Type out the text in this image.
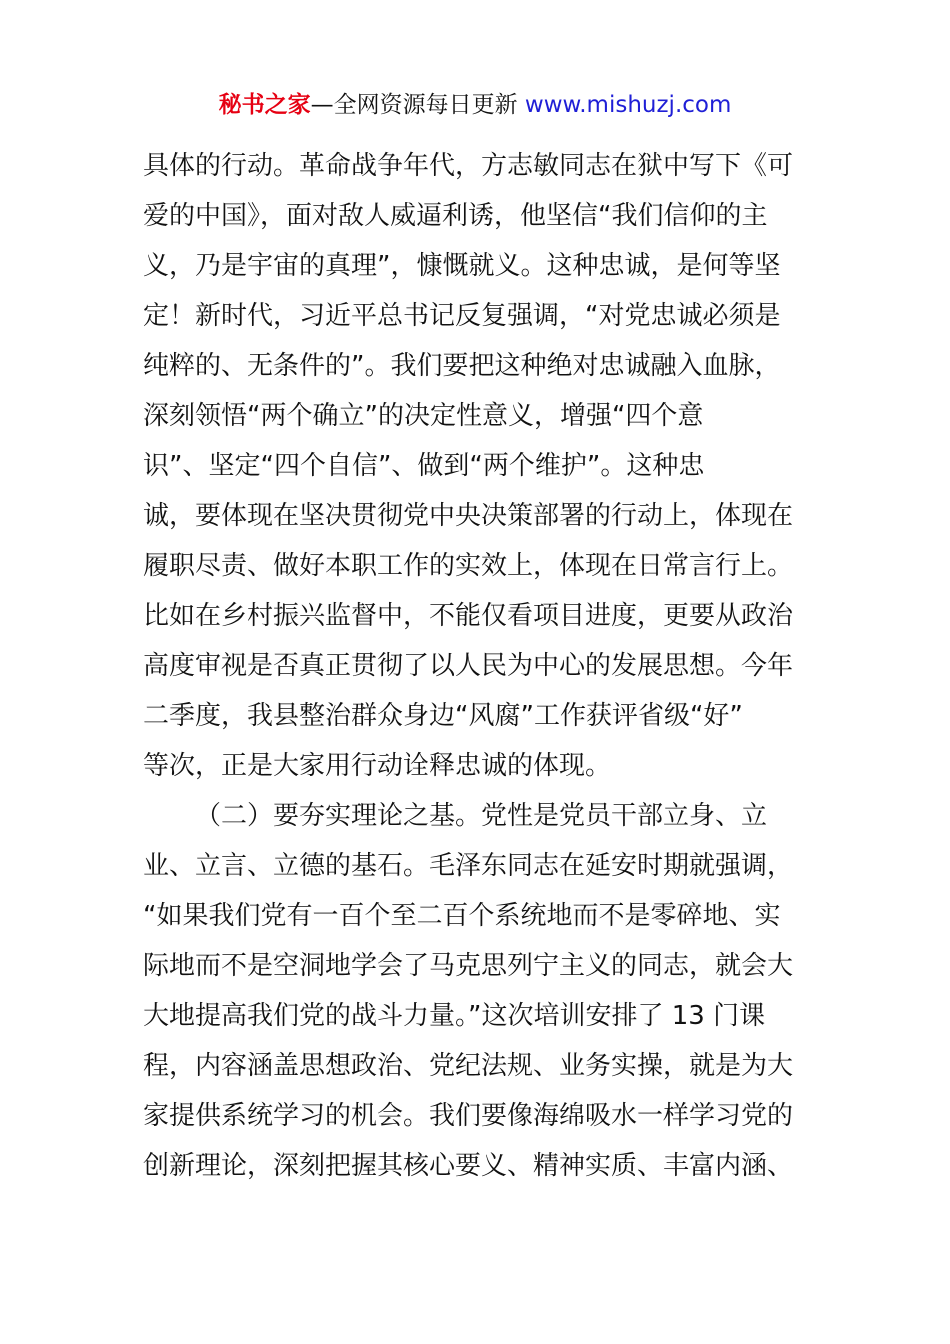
秘书之家—全网资源每日更新 www.mishuzj.com
具体的行动。革命战争年代，方志敏同志在狱中写下《可
爱的中国》，面对敌人威逼利诱，他坚信“我们信仰的主
义，乃是宇宙的真理”，慷慨就义。这种忠诚，是何等坚
定！新时代，习近平总书记反复强调，“对党忠诚必须是
纯粹的、无条件的”。我们要把这种绝对忠诚融入血脉，
深刻领悟“两个确立”的决定性意义，增强“四个意
识”、坚定“四个自信”、做到“两个维护”。这种忠
诚，要体现在坚决贯彻党中央决策部署的行动上，体现在
履职尽责、做好本职工作的实效上，体现在日常言行上。
比如在乡村振兴监督中，不能仅看项目进度，更要从政治
高度审视是否真正贯彻了以人民为中心的发展思想。今年
二季度，我县整治群众身边“风腐”工作获评省级“好”
等次，正是大家用行动诠释忠诚的体现。
（二）要夯实理论之基。党性是党员干部立身、立
业、立言、立德的基石。毛泽东同志在延安时期就强调，
“如果我们党有一百个至二百个系统地而不是零碎地、实
际地而不是空洞地学会了马克思列宁主义的同志，就会大
大地提高我们党的战斗力量。”这次培训安排了 13 门课
程，内容涵盖思想政治、党纪法规、业务实操，就是为大
家提供系统学习的机会。我们要像海绵吸水一样学习党的
创新理论，深刻把握其核心要义、精神实质、丰富内涵、
